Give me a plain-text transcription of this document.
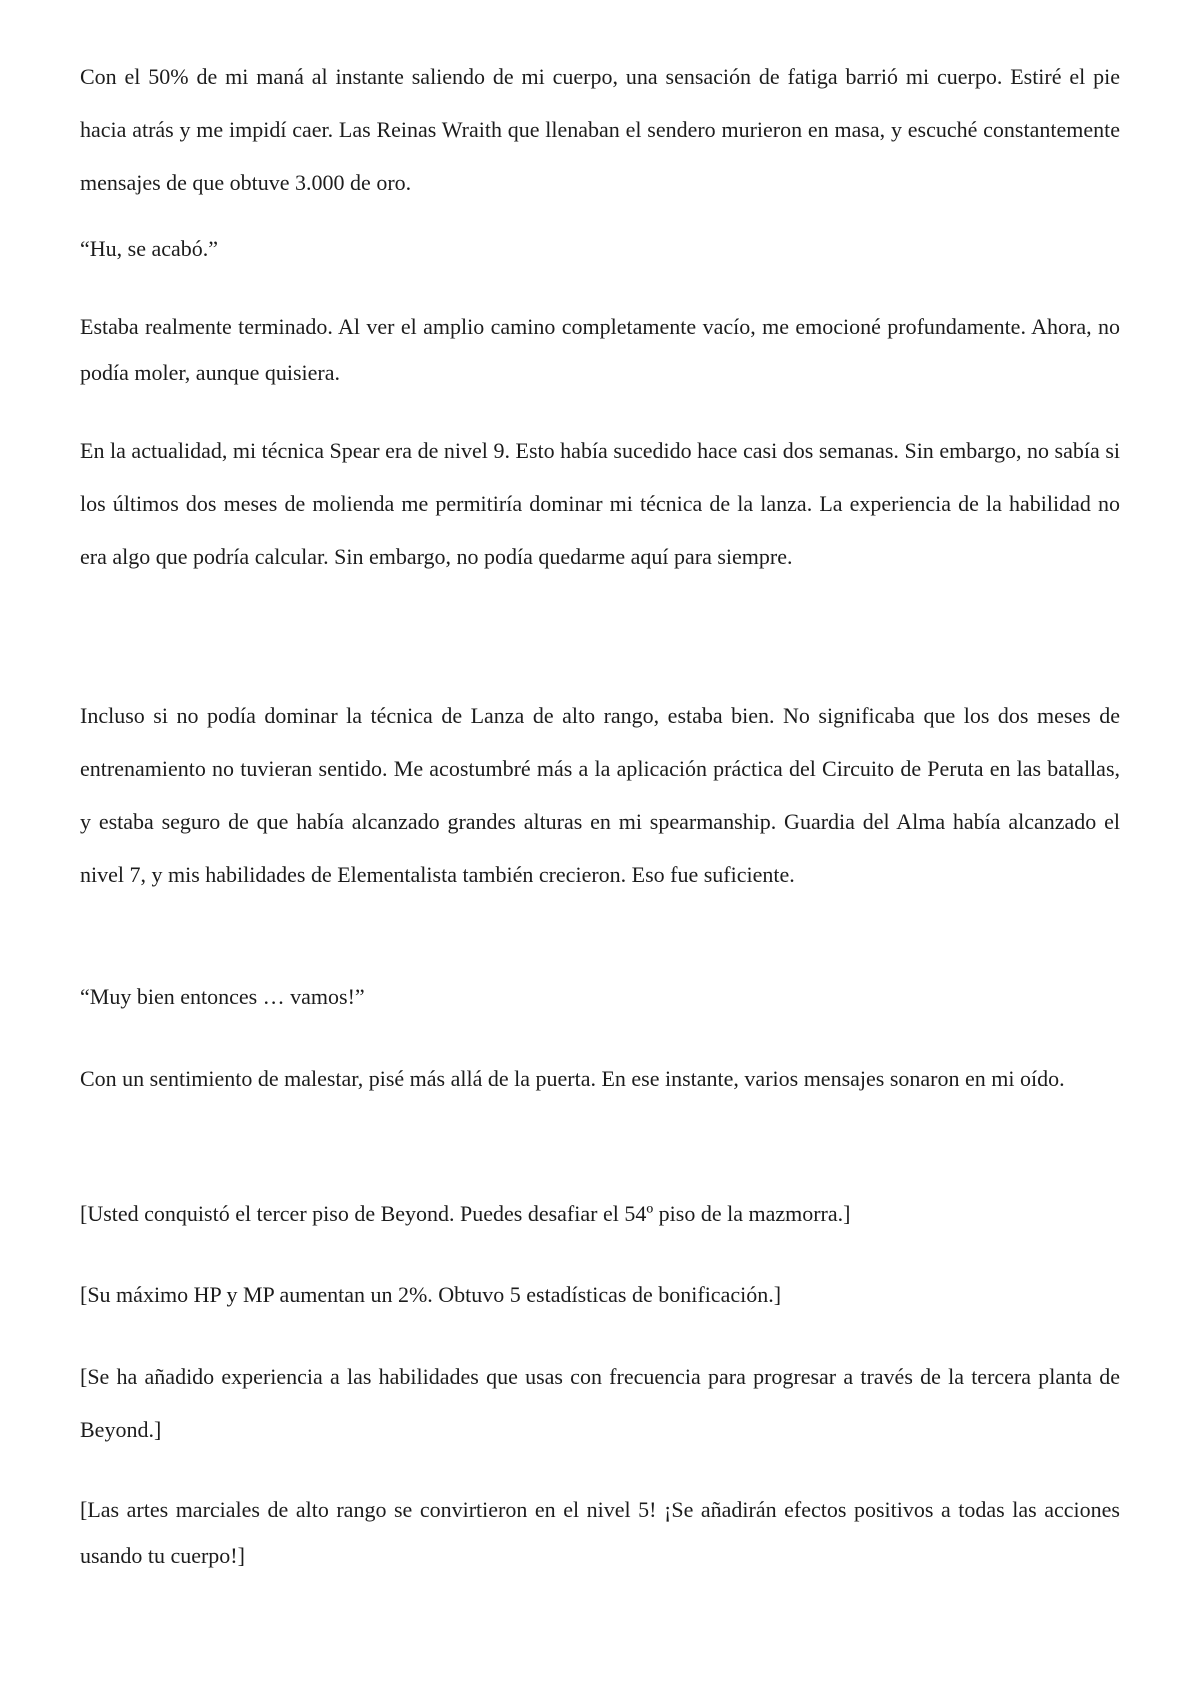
Con el 50% de mi maná al instante saliendo de mi cuerpo, una sensación de fatiga barrió mi cuerpo. Estiré el pie hacia atrás y me impidí caer. Las Reinas Wraith que llenaban el sendero murieron en masa, y escuché constantemente mensajes de que obtuve 3.000 de oro.

“Hu, se acabó.”

Estaba realmente terminado. Al ver el amplio camino completamente vacío, me emocioné profundamente. Ahora, no podía moler, aunque quisiera.

En la actualidad, mi técnica Spear era de nivel 9. Esto había sucedido hace casi dos semanas. Sin embargo, no sabía si los últimos dos meses de molienda me permitiría dominar mi técnica de la lanza. La experiencia de la habilidad no era algo que podría calcular. Sin embargo, no podía quedarme aquí para siempre.

Incluso si no podía dominar la técnica de Lanza de alto rango, estaba bien. No significaba que los dos meses de entrenamiento no tuvieran sentido. Me acostumbré más a la aplicación práctica del Circuito de Peruta en las batallas, y estaba seguro de que había alcanzado grandes alturas en mi spearmanship. Guardia del Alma había alcanzado el nivel 7, y mis habilidades de Elementalista también crecieron. Eso fue suficiente.

“Muy bien entonces … vamos!”

Con un sentimiento de malestar, pisé más allá de la puerta. En ese instante, varios mensajes sonaron en mi oído.

[Usted conquistó el tercer piso de Beyond. Puedes desafiar el 54º piso de la mazmorra.]

[Su máximo HP y MP aumentan un 2%. Obtuvo 5 estadísticas de bonificación.]

[Se ha añadido experiencia a las habilidades que usas con frecuencia para progresar a través de la tercera planta de Beyond.]

[Las artes marciales de alto rango se convirtieron en el nivel 5! ¡Se añadirán efectos positivos a todas las acciones usando tu cuerpo!]
